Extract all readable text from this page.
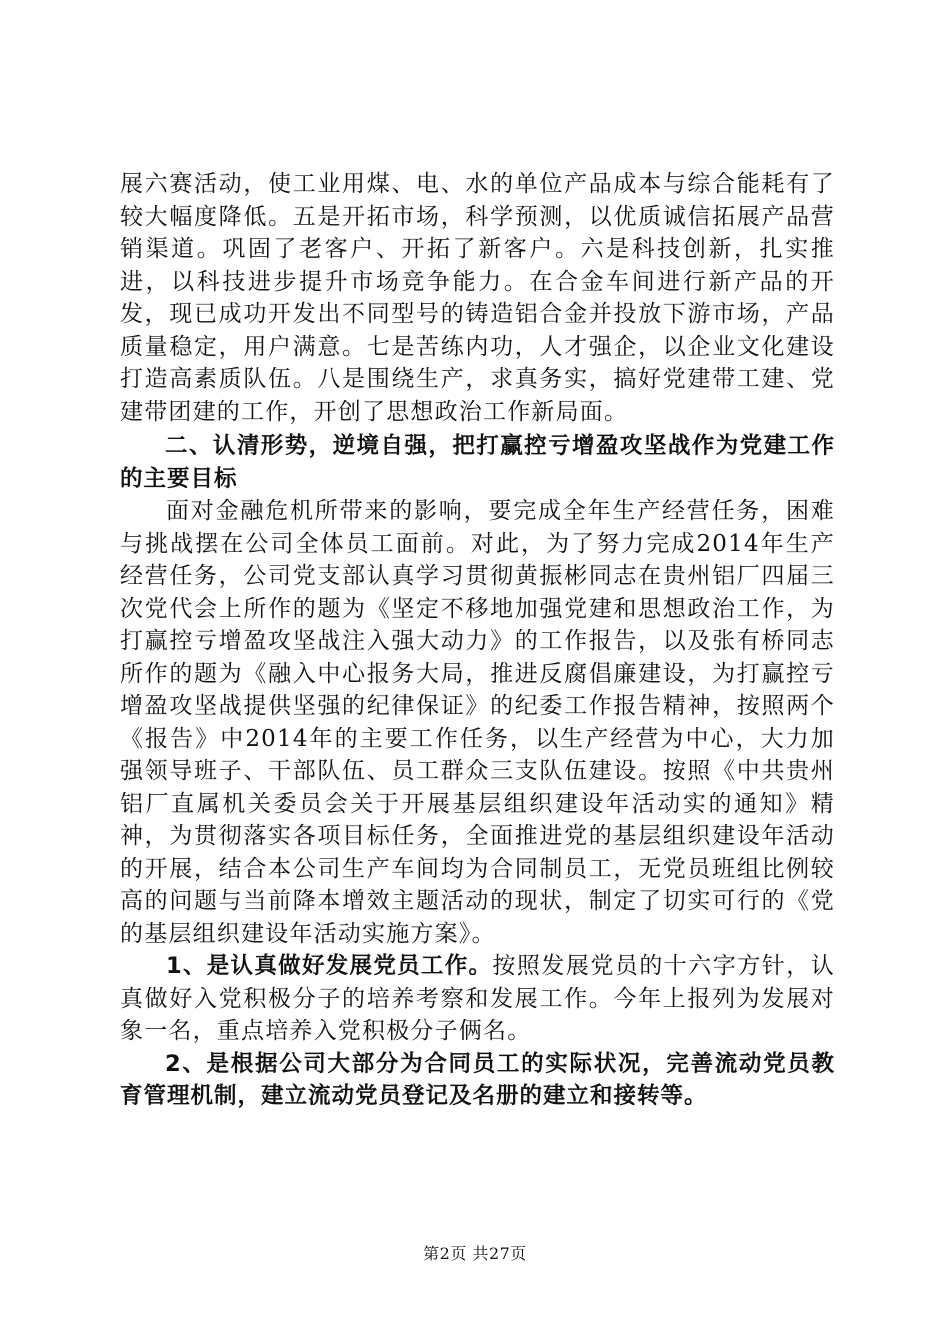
展六赛活动，使工业用煤、电、水的单位产品成本与综合能耗有了较大幅度降低。五是开拓市场，科学预测，以优质诚信拓展产品营销渠道。巩固了老客户、开拓了新客户。六是科技创新，扎实推进，以科技进步提升市场竞争能力。在合金车间进行新产品的开发，现已成功开发出不同型号的铸造铝合金并投放下游市场，产品质量稳定，用户满意。七是苦练内功，人才强企，以企业文化建设打造高素质队伍。八是围绕生产，求真务实，搞好党建带工建、党建带团建的工作，开创了思想政治工作新局面。

二、认清形势，逆境自强，把打赢控亏增盈攻坚战作为党建工作的主要目标

面对金融危机所带来的影响，要完成全年生产经营任务，困难与挑战摆在公司全体员工面前。对此，为了努力完成2014年生产经营任务，公司党支部认真学习贯彻黄振彬同志在贵州铝厂四届三次党代会上所作的题为《坚定不移地加强党建和思想政治工作，为打赢控亏增盈攻坚战注入强大动力》的工作报告，以及张有桥同志所作的题为《融入中心报务大局，推进反腐倡廉建设，为打赢控亏增盈攻坚战提供坚强的纪律保证》的纪委工作报告精神，按照两个《报告》中2014年的主要工作任务，以生产经营为中心，大力加强领导班子、干部队伍、员工群众三支队伍建设。按照《中共贵州铝厂直属机关委员会关于开展基层组织建设年活动实的通知》精神，为贯彻落实各项目标任务，全面推进党的基层组织建设年活动的开展，结合本公司生产车间均为合同制员工，无党员班组比例较高的问题与当前降本增效主题活动的现状，制定了切实可行的《党的基层组织建设年活动实施方案》。

1、是认真做好发展党员工作。按照发展党员的十六字方针，认真做好入党积极分子的培养考察和发展工作。今年上报列为发展对象一名，重点培养入党积极分子俩名。

2、是根据公司大部分为合同员工的实际状况，完善流动党员教育管理机制，建立流动党员登记及名册的建立和接转等。

第2页 共27页
